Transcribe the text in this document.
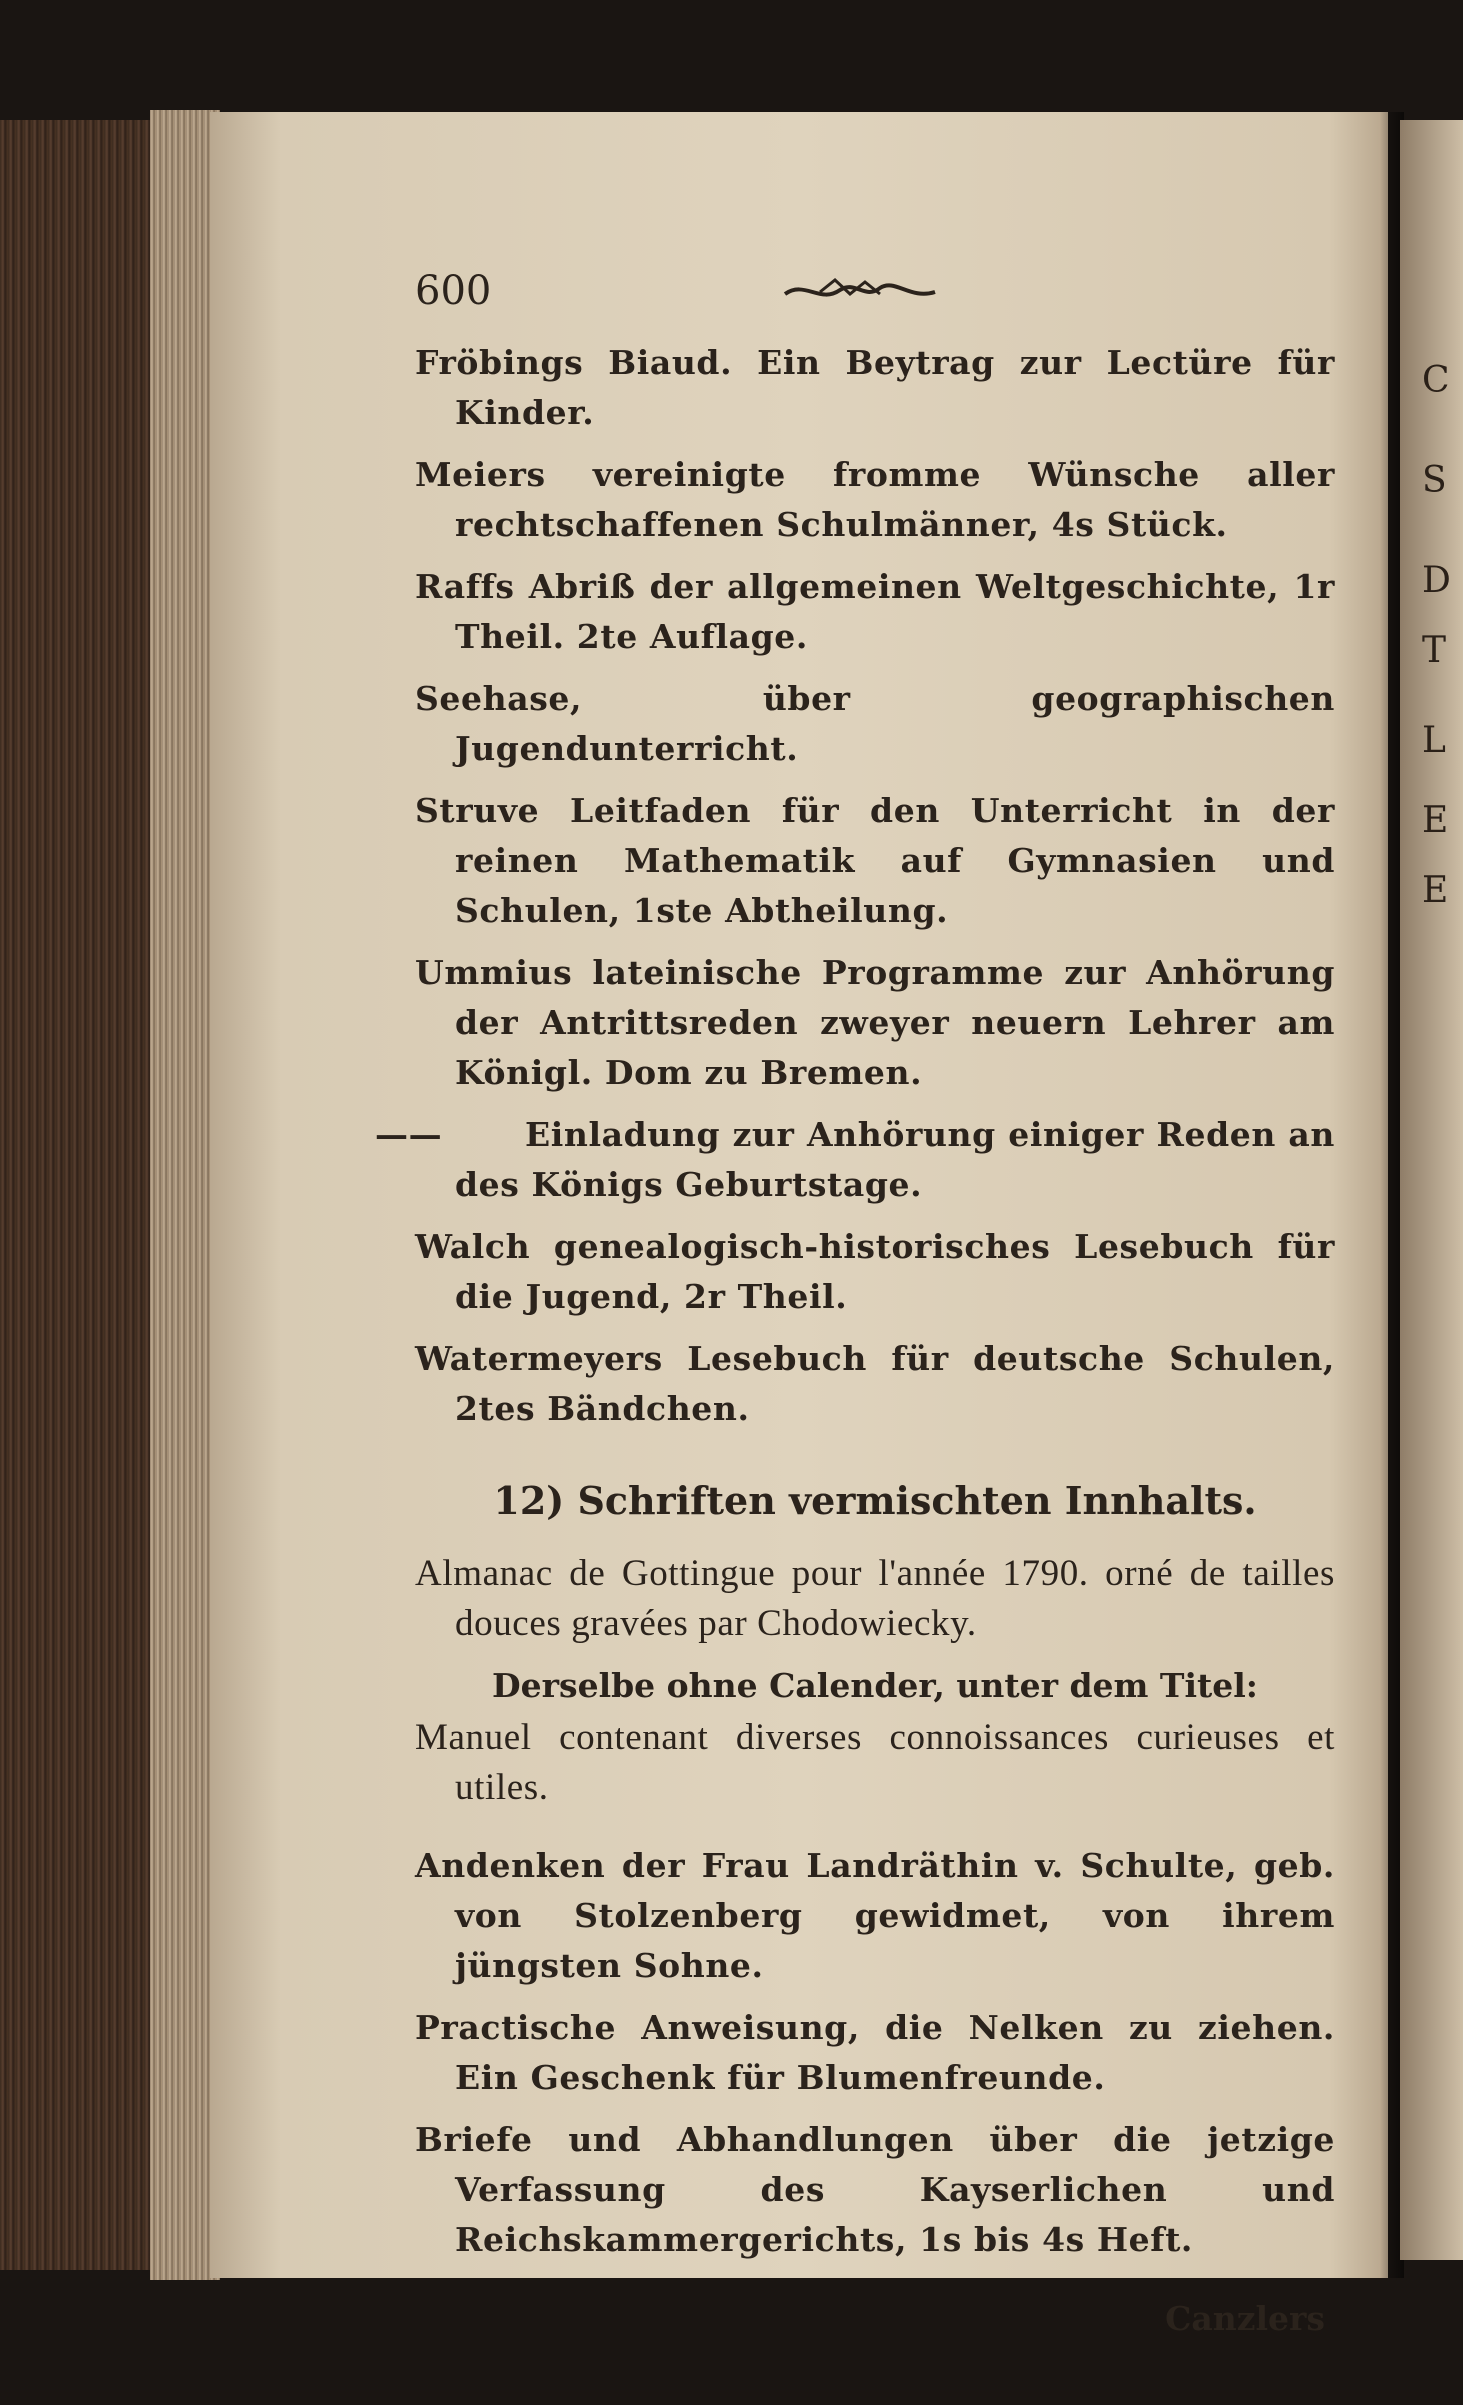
C
S
D
T
L
E
E
600

Fröbings Biaud. Ein Beytrag zur Lectüre für Kinder.

Meiers vereinigte fromme Wünsche aller rechtschaffenen Schulmänner, 4s Stück.

Raffs Abriß der allgemeinen Weltgeschichte, 1r Theil. 2te Auflage.

Seehase, über geographischen Jugendunterricht.

Struve Leitfaden für den Unterricht in der reinen Mathematik auf Gymnasien und Schulen, 1ste Abtheilung.

Ummius lateinische Programme zur Anhörung der Antrittsreden zweyer neuern Lehrer am Königl. Dom zu Bremen.

——	Einladung zur Anhörung einiger Reden an des Königs Geburtstage.

Walch genealogisch-historisches Lesebuch für die Jugend, 2r Theil.

Watermeyers Lesebuch für deutsche Schulen, 2tes Bändchen.

12) Schriften vermischten Innhalts.

Almanac de Gottingue pour l'année 1790. orné de tailles douces gravées par Chodowiecky.

Derselbe ohne Calender, unter dem Titel:

Manuel contenant diverses connoissances curieuses et utiles.

Andenken der Frau Landräthin v. Schulte, geb. von Stolzenberg gewidmet, von ihrem jüngsten Sohne.

Practische Anweisung, die Nelken zu ziehen. Ein Geschenk für Blumenfreunde.

Briefe und Abhandlungen über die jetzige Verfassung des Kayserlichen und Reichskammergerichts, 1s bis 4s Heft.

Canzlers
